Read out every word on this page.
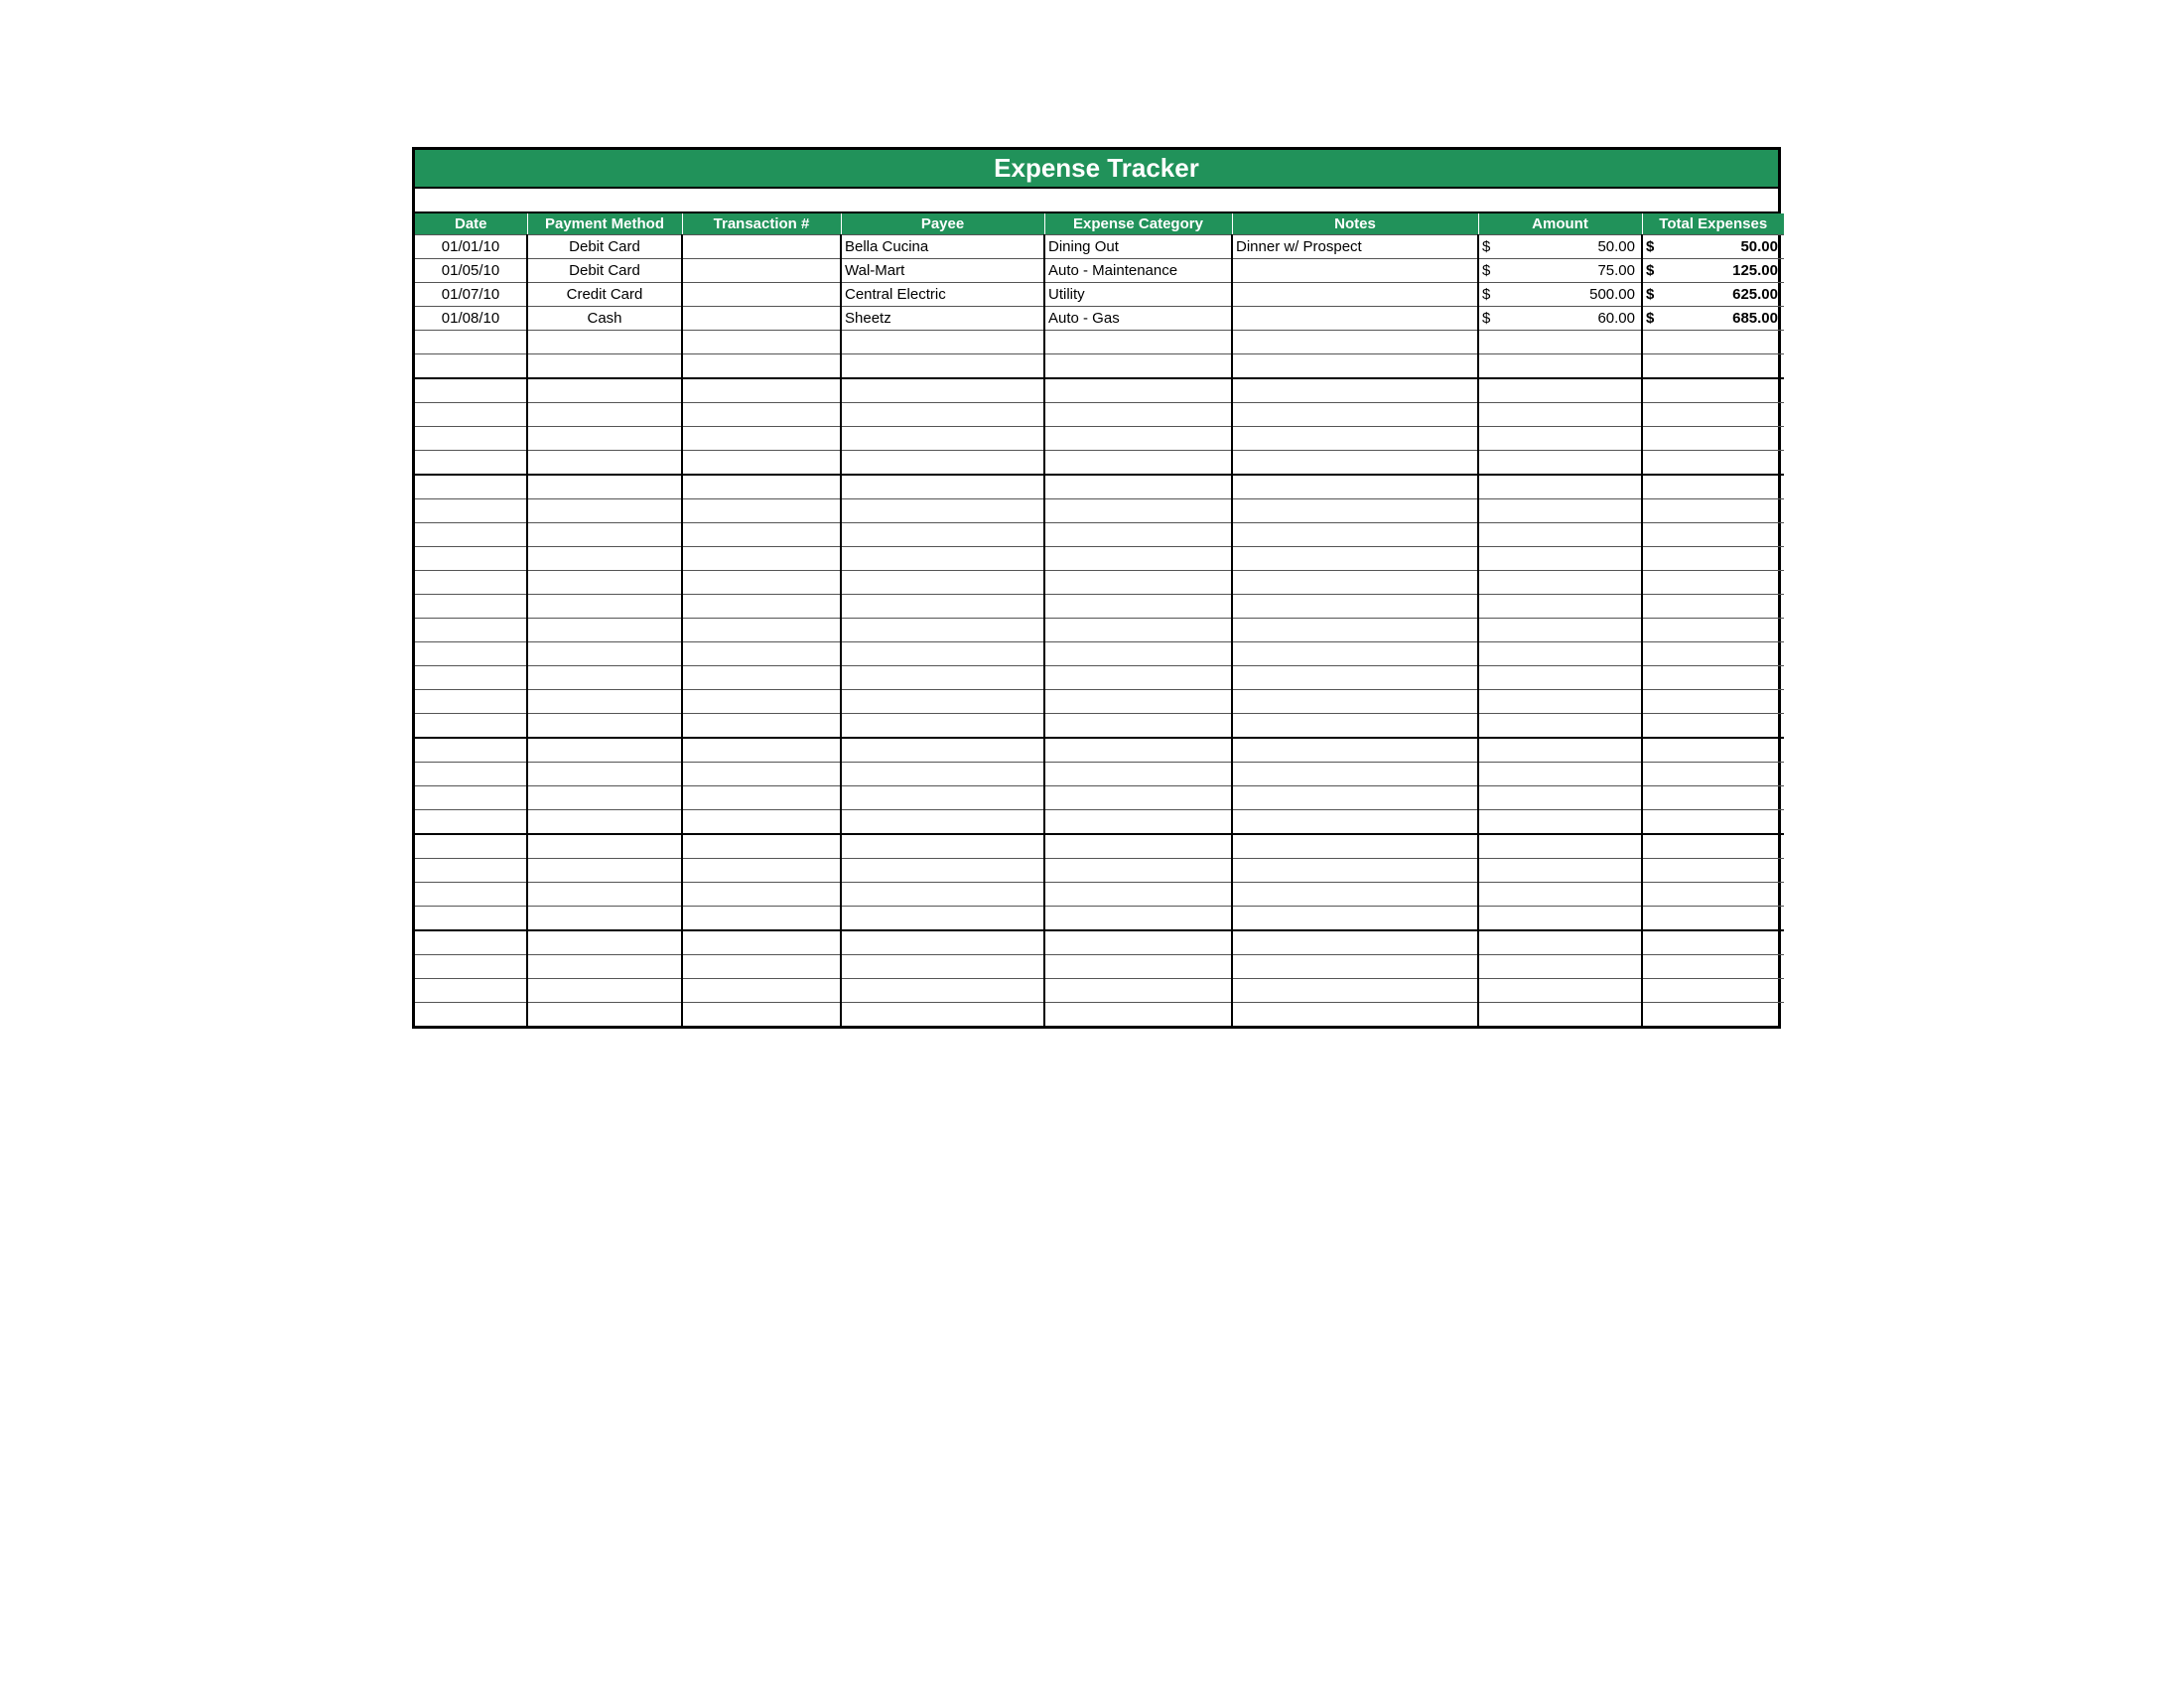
Expense Tracker
Date	Payment Method	Transaction #	Payee	Expense Category	Notes	Amount	Total Expenses
01/01/10	Debit Card		Bella Cucina	Dining Out	Dinner w/ Prospect	$ 50.00	$ 50.00

01/05/10	Debit Card		Wal-Mart	Auto - Maintenance		$ 75.00	$ 125.00

01/07/10	Credit Card		Central Electric	Utility		$ 500.00	$ 625.00

01/08/10	Cash		Sheetz	Auto - Gas		$ 60.00	$ 685.00
